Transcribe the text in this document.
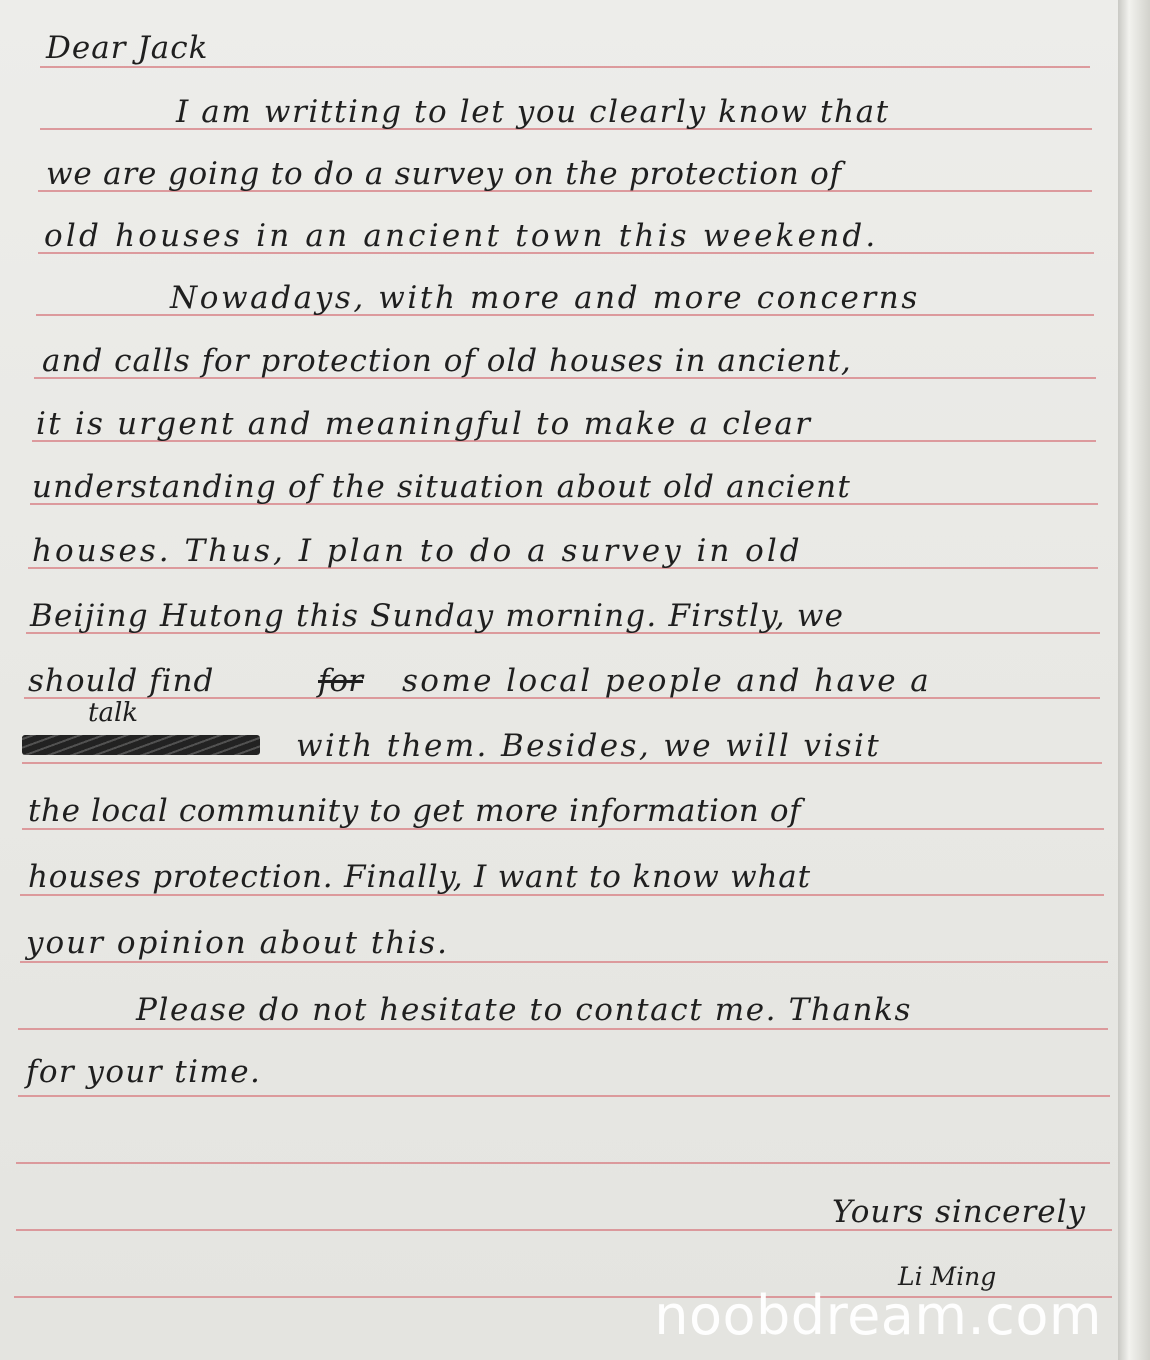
Dear Jack
I am writting to let you clearly know that
we are going to do a survey on the protection of
old houses in an ancient town this weekend.
Nowadays, with more and more concerns
and calls for protection of old houses in ancient,
it is urgent and meaningful to make a clear
understanding of the situation about old ancient
houses. Thus, I plan to do a survey in old
Beijing Hutong this Sunday morning. Firstly, we
should find	for some local people and have a
talk
with them. Besides, we will visit
the local community to get more information of
houses protection. Finally, I want to know what
your opinion about this.
Please do not hesitate to contact me. Thanks
for your time.
Yours sincerely
Li Ming
noobdream.com
